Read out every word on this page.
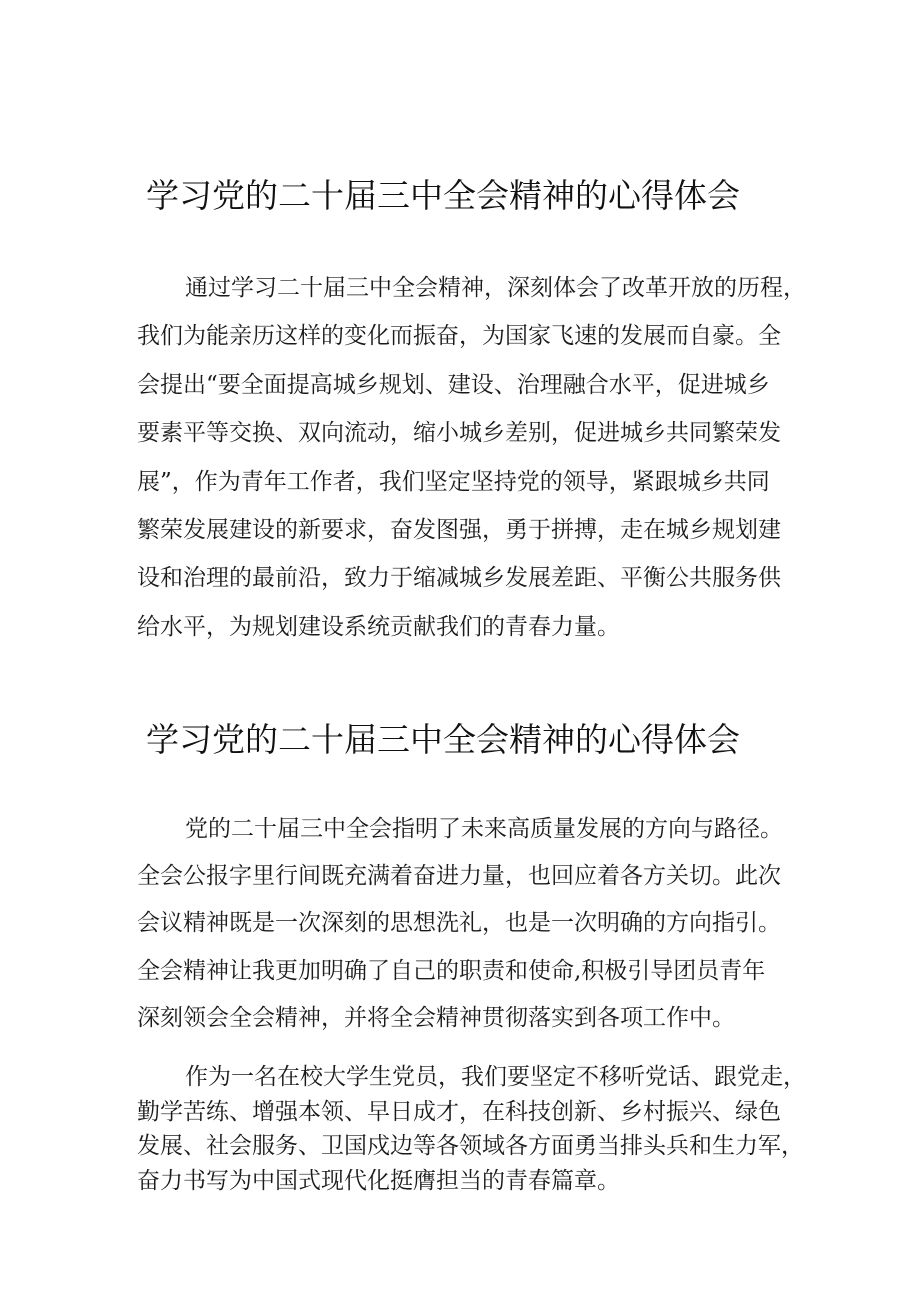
学习党的二十届三中全会精神的心得体会
通过学习二十届三中全会精神，深刻体会了改革开放的历程，
我们为能亲历这样的变化而振奋，为国家飞速的发展而自豪。全
会提出“要全面提高城乡规划、建设、治理融合水平，促进城乡
要素平等交换、双向流动，缩小城乡差别，促进城乡共同繁荣发
展”，作为青年工作者，我们坚定坚持党的领导，紧跟城乡共同
繁荣发展建设的新要求，奋发图强，勇于拼搏，走在城乡规划建
设和治理的最前沿，致力于缩减城乡发展差距、平衡公共服务供
给水平，为规划建设系统贡献我们的青春力量。
学习党的二十届三中全会精神的心得体会
党的二十届三中全会指明了未来高质量发展的方向与路径。
全会公报字里行间既充满着奋进力量，也回应着各方关切。此次
会议精神既是一次深刻的思想洗礼，也是一次明确的方向指引。
全会精神让我更加明确了自己的职责和使命,积极引导团员青年
深刻领会全会精神，并将全会精神贯彻落实到各项工作中。
作为一名在校大学生党员，我们要坚定不移听党话、跟党走，
勤学苦练、增强本领、早日成才，在科技创新、乡村振兴、绿色
发展、社会服务、卫国戍边等各领域各方面勇当排头兵和生力军，
奋力书写为中国式现代化挺膺担当的青春篇章。
